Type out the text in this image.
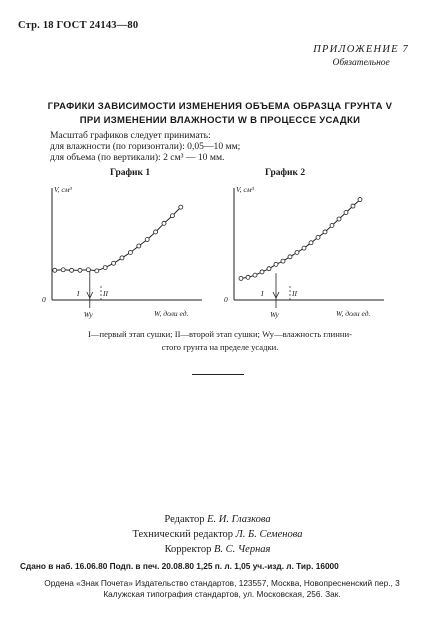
Стр. 18 ГОСТ 24143—80
ПРИЛОЖЕНИЕ 7
Обязательное
ГРАФИКИ ЗАВИСИМОСТИ ИЗМЕНЕНИЯ ОБЪЕМА ОБРАЗЦА ГРУНТА V
ПРИ ИЗМЕНЕНИИ ВЛАЖНОСТИ W В ПРОЦЕССЕ УСАДКИ
Масштаб графиков следует принимать:
для влажности (по горизонтали): 0,05—10 мм;
для объема (по вертикали): 2 см³ — 10 мм.
График 1	График 2
V, см³
W, доли ед.
0
Wy
I	II
V, см³
W, доли ед.
0
Wy
I	II
I—первый этап сушки; II—второй этап сушки; Wy—влажность глинни-
стого грунта на пределе усадки.
Редактор Е. И. Глазкова
Технический редактор Л. Б. Семенова
Корректор В. С. Черная
Сдано в наб. 16.06.80 Подп. в печ. 20.08.80 1,25 п. л. 1,05 уч.-изд. л. Тир. 16000
Ордена «Знак Почета» Издательство стандартов, 123557, Москва, Новопресненский пер., 3
Калужская типография стандартов, ул. Московская, 256. Зак.
